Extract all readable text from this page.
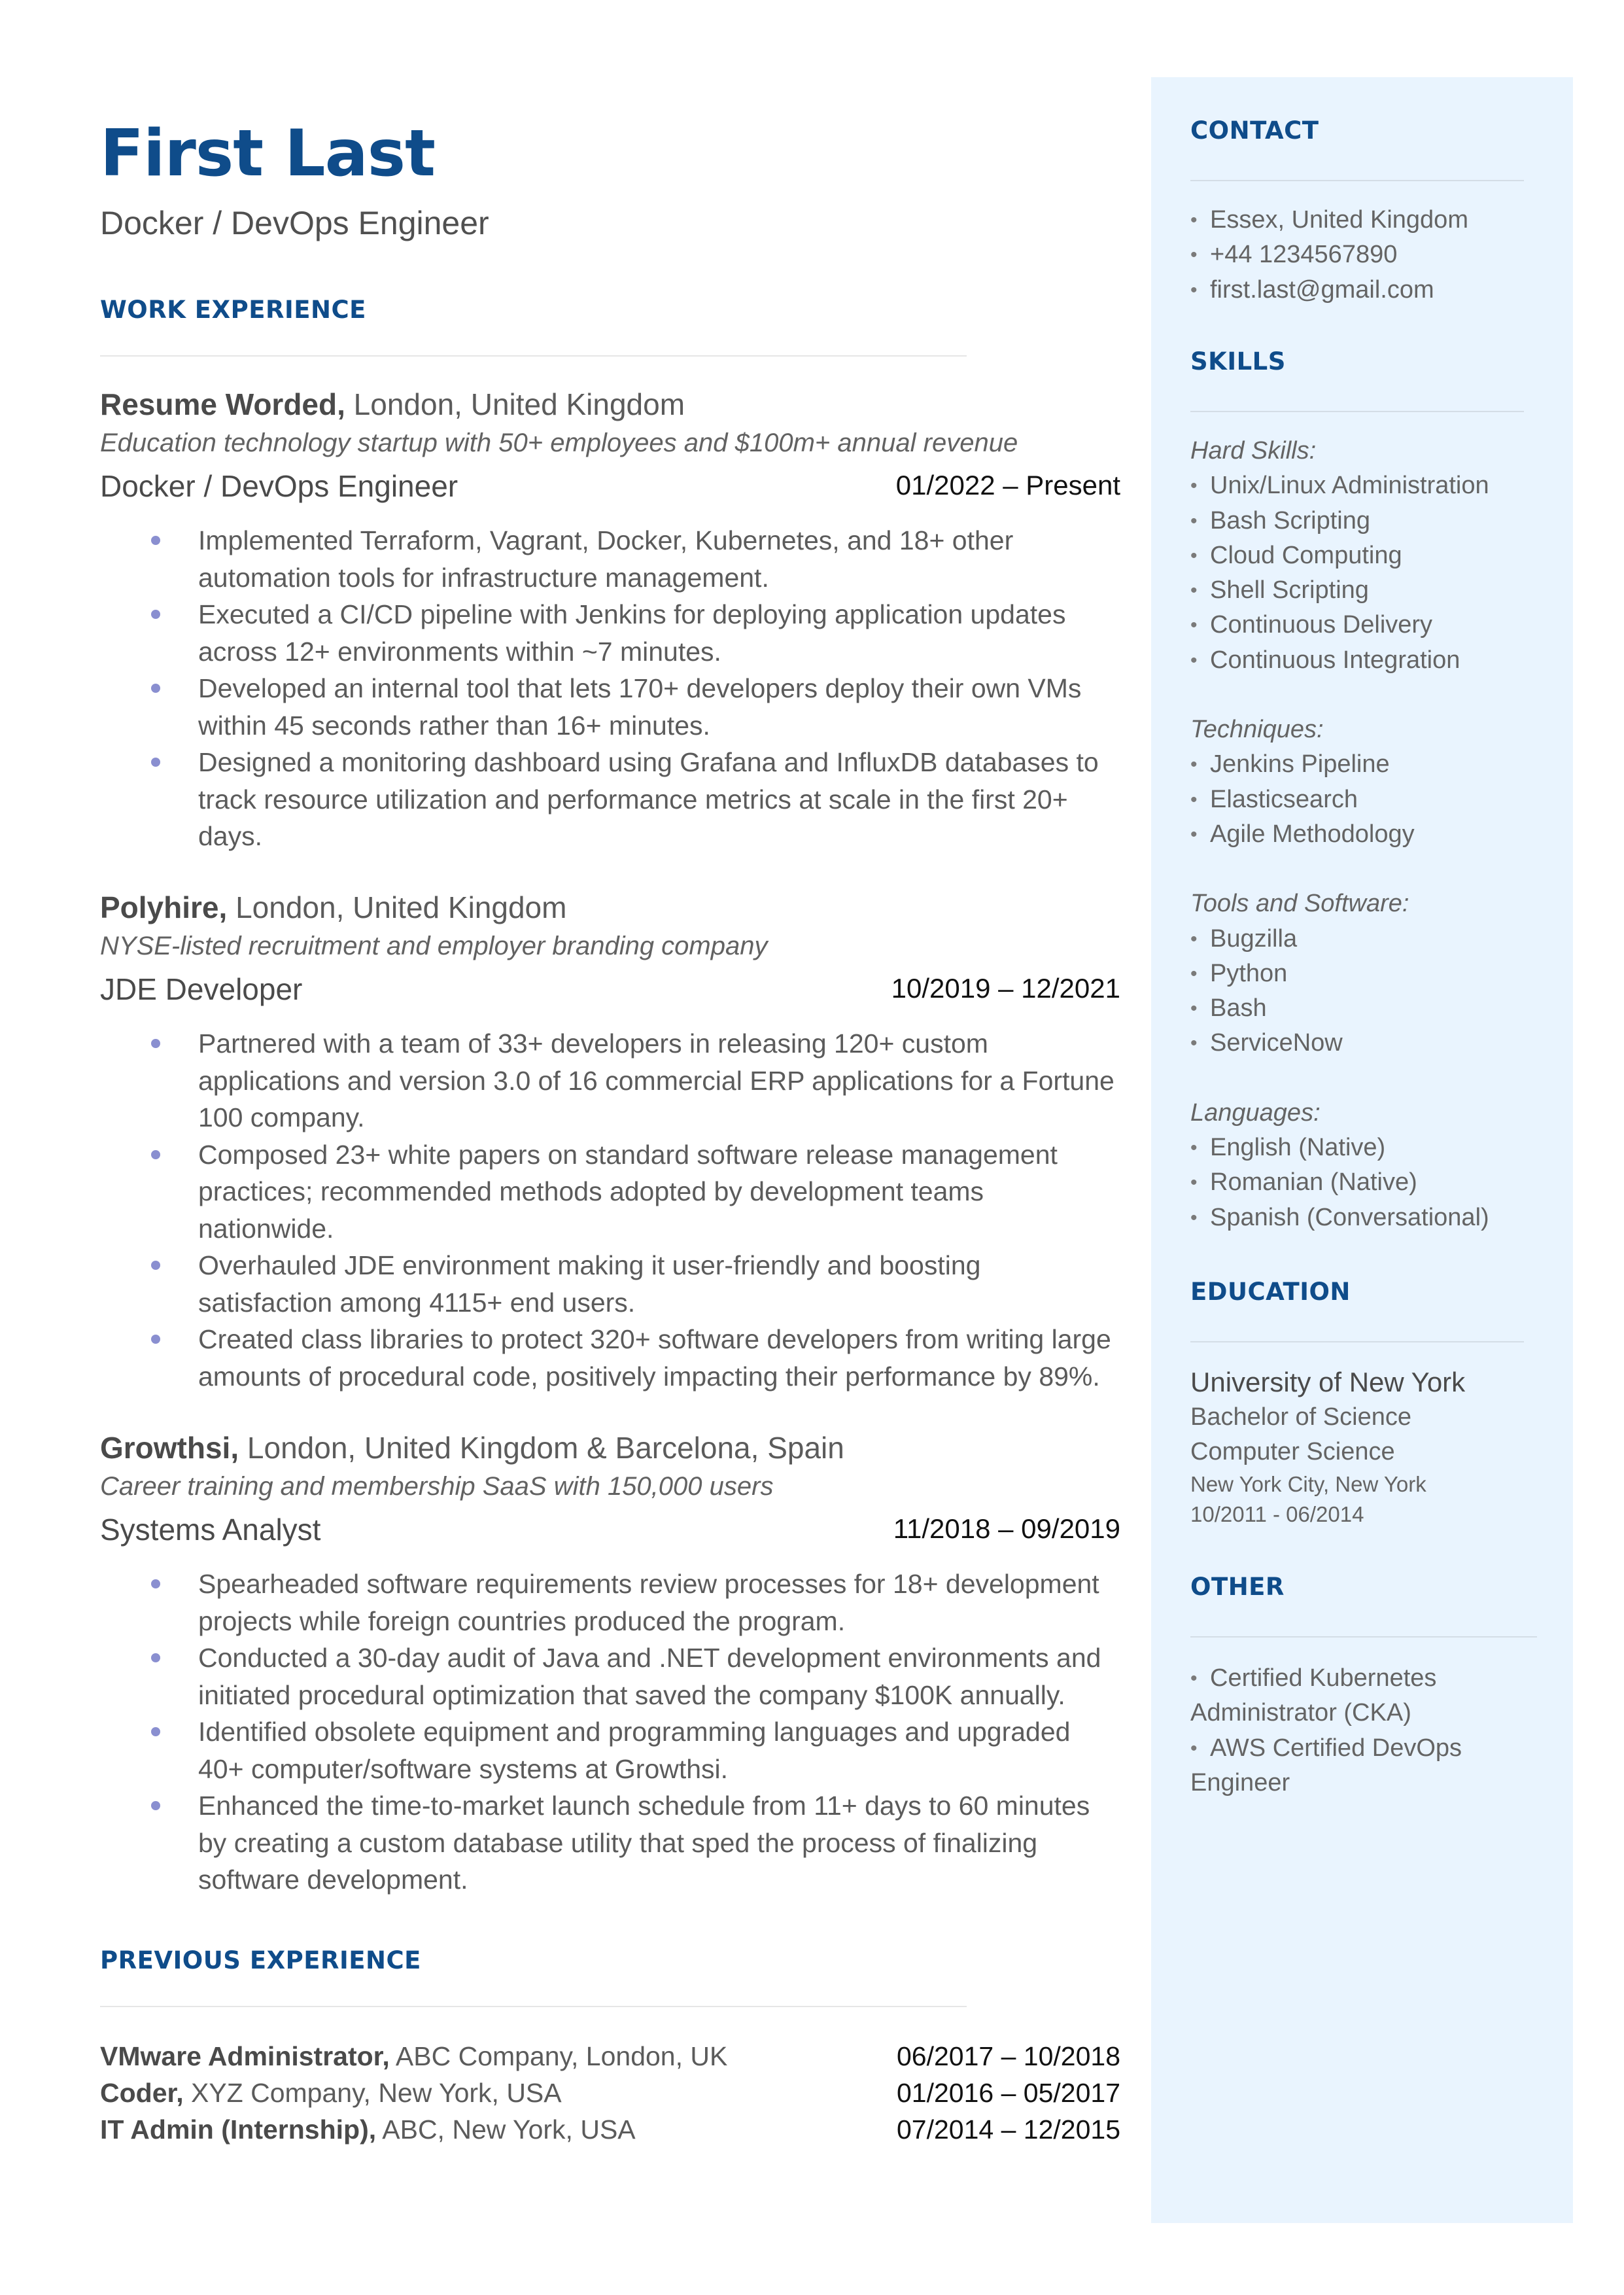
First Last
Docker / DevOps Engineer
WORK EXPERIENCE
Resume Worded, London, United Kingdom
Education technology startup with 50+ employees and $100m+ annual revenue
Docker / DevOps Engineer	01/2022 – Present
Implemented Terraform, Vagrant, Docker, Kubernetes, and 18+ other automation tools for infrastructure management.
Executed a CI/CD pipeline with Jenkins for deploying application updates across 12+ environments within ~7 minutes.
Developed an internal tool that lets 170+ developers deploy their own VMs within 45 seconds rather than 16+ minutes.
Designed a monitoring dashboard using Grafana and InfluxDB databases to track resource utilization and performance metrics at scale in the first 20+ days.
Polyhire, London, United Kingdom
NYSE-listed recruitment and employer branding company
JDE Developer	10/2019 – 12/2021
Partnered with a team of 33+ developers in releasing 120+ custom applications and version 3.0 of 16 commercial ERP applications for a Fortune 100 company.
Composed 23+ white papers on standard software release management practices; recommended methods adopted by development teams nationwide.
Overhauled JDE environment making it user-friendly and boosting satisfaction among 4115+ end users.
Created class libraries to protect 320+ software developers from writing large amounts of procedural code, positively impacting their performance by 89%.
Growthsi, London, United Kingdom & Barcelona, Spain
Career training and membership SaaS with 150,000 users
Systems Analyst	11/2018 – 09/2019
Spearheaded software requirements review processes for 18+ development projects while foreign countries produced the program.
Conducted a 30-day audit of Java and .NET development environments and initiated procedural optimization that saved the company $100K annually.
Identified obsolete equipment and programming languages and upgraded 40+ computer/software systems at Growthsi.
Enhanced the time-to-market launch schedule from 11+ days to 60 minutes by creating a custom database utility that sped the process of finalizing software development.
PREVIOUS EXPERIENCE
VMware Administrator, ABC Company, London, UK	06/2017 – 10/2018
Coder, XYZ Company, New York, USA	01/2016 – 05/2017
IT Admin (Internship), ABC, New York, USA	07/2014 – 12/2015
CONTACT
• Essex, United Kingdom
• +44 1234567890
• first.last@gmail.com
SKILLS
Hard Skills:
• Unix/Linux Administration
• Bash Scripting
• Cloud Computing
• Shell Scripting
• Continuous Delivery
• Continuous Integration
Techniques:
• Jenkins Pipeline
• Elasticsearch
• Agile Methodology
Tools and Software:
• Bugzilla
• Python
• Bash
• ServiceNow
Languages:
• English (Native)
• Romanian (Native)
• Spanish (Conversational)
EDUCATION
University of New York
Bachelor of Science
Computer Science
New York City, New York
10/2011 - 06/2014
OTHER

• Certified Kubernetes Administrator (CKA)

• AWS Certified DevOps Engineer
